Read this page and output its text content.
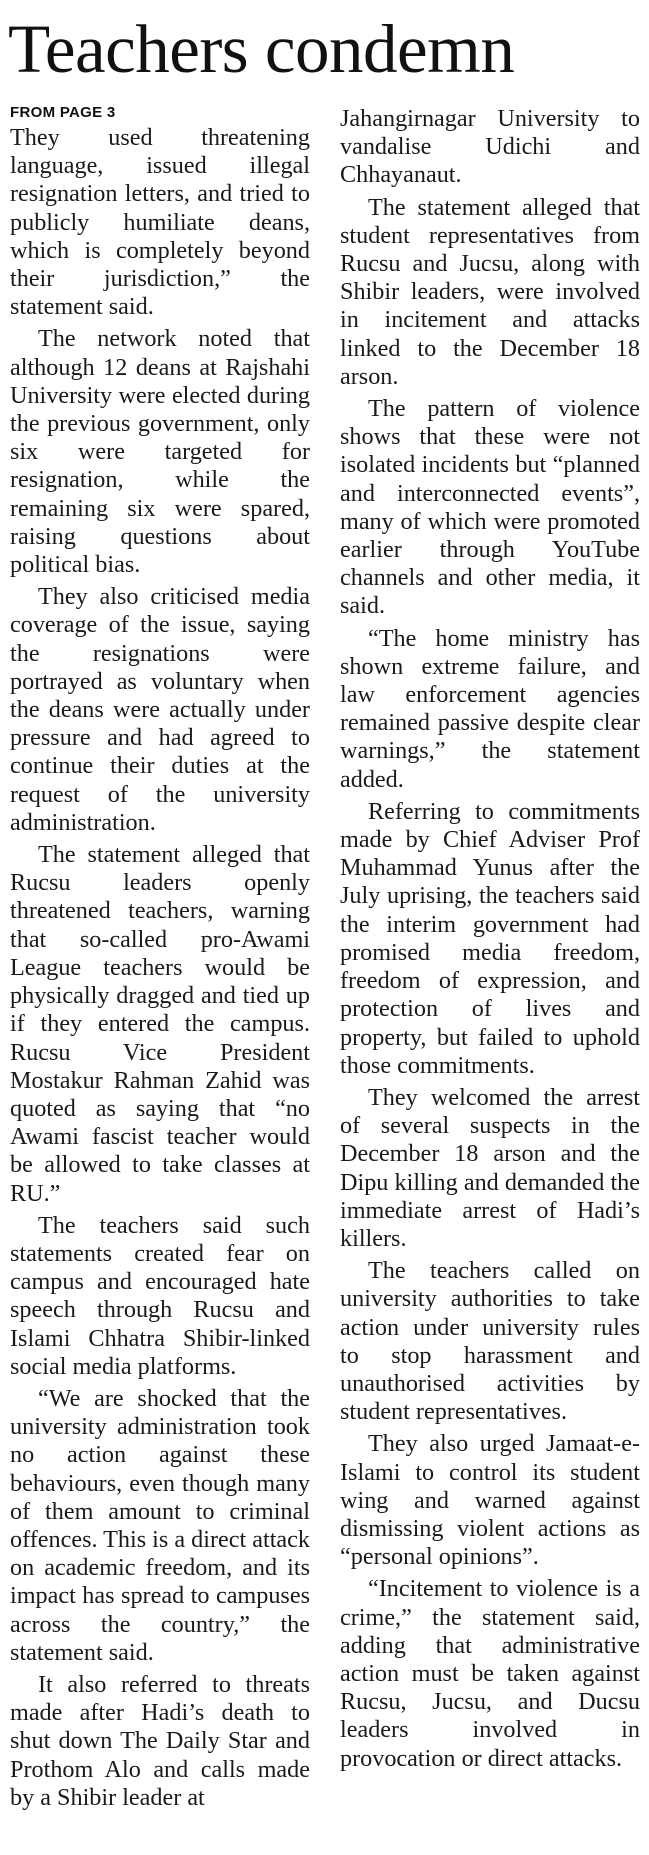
Teachers condemn
FROM PAGE 3

They used threatening language, issued illegal resignation letters, and tried to publicly humiliate deans, which is completely beyond their jurisdiction,” the statement said.

The network noted that although 12 deans at Rajshahi University were elected during the previous government, only six were targeted for resignation, while the remaining six were spared, raising questions about political bias.

They also criticised media coverage of the issue, saying the resignations were portrayed as voluntary when the deans were actually under pressure and had agreed to continue their duties at the request of the university administration.

The statement alleged that Rucsu leaders openly threatened teachers, warning that so-called pro-Awami League teachers would be physically dragged and tied up if they entered the campus. Rucsu Vice President Mostakur Rahman Zahid was quoted as saying that “no Awami fascist teacher would be allowed to take classes at RU.”

The teachers said such statements created fear on campus and encouraged hate speech through Rucsu and Islami Chhatra Shibir-linked social media platforms.

“We are shocked that the university administration took no action against these behaviours, even though many of them amount to criminal offences. This is a direct attack on academic freedom, and its impact has spread to campuses across the country,” the statement said.

It also referred to threats made after Hadi’s death to shut down The Daily Star and Prothom Alo and calls made by a Shibir leader at

Jahangirnagar University to vandalise Udichi and Chhayanaut.

The statement alleged that student representatives from Rucsu and Jucsu, along with Shibir leaders, were involved in incitement and attacks linked to the December 18 arson.

The pattern of violence shows that these were not isolated incidents but “planned and interconnected events”, many of which were promoted earlier through YouTube channels and other media, it said.

“The home ministry has shown extreme failure, and law enforcement agencies remained passive despite clear warnings,” the statement added.

Referring to commitments made by Chief Adviser Prof Muhammad Yunus after the July uprising, the teachers said the interim government had promised media freedom, freedom of expression, and protection of lives and property, but failed to uphold those commitments.

They welcomed the arrest of several suspects in the December 18 arson and the Dipu killing and demanded the immediate arrest of Hadi’s killers.

The teachers called on university authorities to take action under university rules to stop harassment and unauthorised activities by student representatives.

They also urged Jamaat-e-Islami to control its student wing and warned against dismissing violent actions as “personal opinions”.

“Incitement to violence is a crime,” the statement said, adding that administrative action must be taken against Rucsu, Jucsu, and Ducsu leaders involved in provocation or direct attacks.
